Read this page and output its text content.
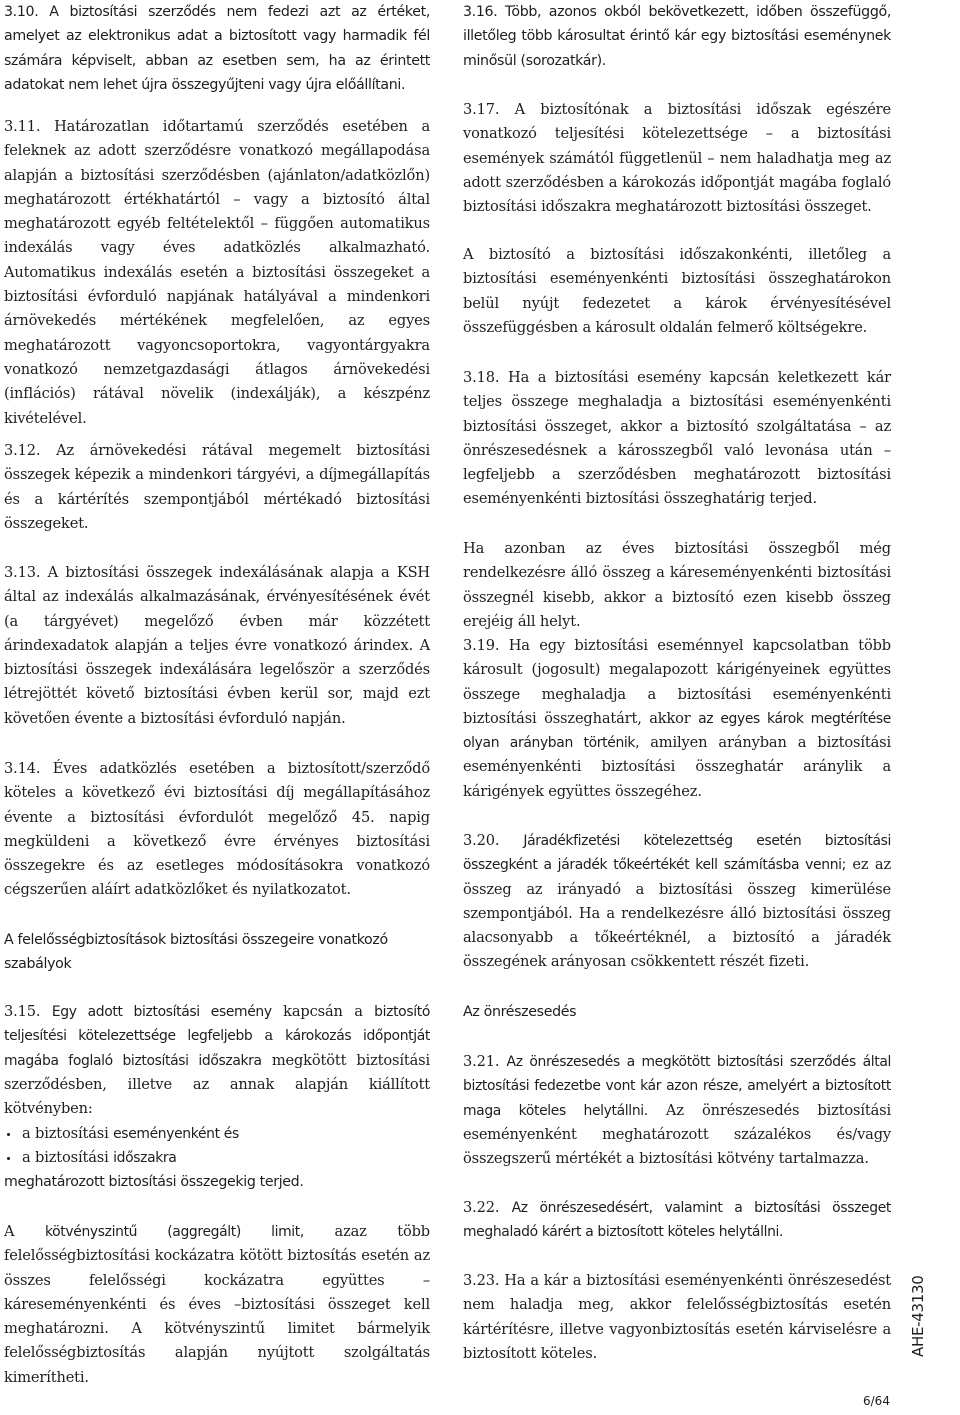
3.10. A biztosítási szerződés nem fedezi azt az értéket, amelyet az elektronikus adat a biztosított vagy harmadik fél számára képviselt, abban az esetben sem, ha az érintett adatokat nem lehet újra összegyűjteni vagy újra előállítani.

3.11. Határozatlan időtartamú szerződés esetében a feleknek az adott szerződésre vonatkozó megállapodása alapján a biztosítási szerződésben (ajánlaton/adatközlőn) meghatározott értékhatártól – vagy a biztosító által meghatározott egyéb feltételektől – függően automatikus indexálás vagy éves adatközlés alkalmazható. Automatikus indexálás esetén a biztosítási összegeket a biztosítási évforduló napjának hatályával a mindenkori árnövekedés mértékének megfelelően, az egyes meghatározott vagyoncsoportokra, vagyontárgyakra vonatkozó nemzetgazdasági átlagos árnövekedési (inflációs) rátával növelik (indexálják), a készpénz kivételével.

3.12. Az árnövekedési rátával megemelt biztosítási összegek képezik a mindenkori tárgyévi, a díjmegállapítás és a kártérítés szempontjából mértékadó biztosítási összegeket.

3.13. A biztosítási összegek indexálásának alapja a KSH által az indexálás alkalmazásának, érvényesítésének évét (a tárgyévet) megelőző évben már közzétett árindexadatok alapján a teljes évre vonatkozó árindex. A biztosítási összegek indexálására legelőször a szerződés létrejöttét követő biztosítási évben kerül sor, majd ezt követően évente a biztosítási évforduló napján.

3.14. Éves adatközlés esetében a biztosított/szerződő köteles a következő évi biztosítási díj megállapításához évente a biztosítási évfordulót megelőző 45. napig megküldeni a következő évre érvényes biztosítási összegekre és az esetleges módosításokra vonatkozó cégszerűen aláírt adatközlőket és nyilatkozatot.

A felelősségbiztosítások biztosítási összegeire vonatkozó szabályok

3.15. Egy adott biztosítási esemény kapcsán a biztosító teljesítési kötelezettsége legfeljebb a károkozás időpontját magába foglaló biztosítási időszakra megkötött biztosítási szerződésben, illetve az annak alapján kiállított kötvényben:

a biztosítási eseményenként és
a biztosítási időszakra

meghatározott biztosítási összegekig terjed.

A kötvényszintű (aggregált) limit, azaz több felelősségbiztosítási kockázatra kötött biztosítás esetén az összes felelősségi kockázatra együttes – káreseményenkénti és éves –biztosítási összeget kell meghatározni. A kötvényszintű limitet bármelyik felelősségbiztosítás alapján nyújtott szolgáltatás kimerítheti.

3.16. Több, azonos okból bekövetkezett, időben összefüggő, illetőleg több károsultat érintő kár egy biztosítási eseménynek minősül (sorozatkár).

3.17. A biztosítónak a biztosítási időszak egészére vonatkozó teljesítési kötelezettsége – a biztosítási események számától függetlenül – nem haladhatja meg az adott szerződésben a károkozás időpontját magába foglaló biztosítási időszakra meghatározott biztosítási összeget.

A biztosító a biztosítási időszakonkénti, illetőleg a biztosítási eseményenkénti biztosítási összeghatárokon belül nyújt fedezetet a károk érvényesítésével összefüggésben a károsult oldalán felmerő költségekre.

3.18. Ha a biztosítási esemény kapcsán keletkezett kár teljes összege meghaladja a biztosítási eseményenkénti biztosítási összeget, akkor a biztosító szolgáltatása – az önrészesedésnek a károsszegből való levonása után – legfeljebb a szerződésben meghatározott biztosítási eseményenkénti biztosítási összeghatárig terjed.

Ha azonban az éves biztosítási összegből még rendelkezésre álló összeg a káreseményenkénti biztosítási összegnél kisebb, akkor a biztosító ezen kisebb összeg erejéig áll helyt.

3.19. Ha egy biztosítási eseménnyel kapcsolatban több károsult (jogosult) megalapozott kárigényeinek együttes összege meghaladja a biztosítási eseményenkénti biztosítási összeghatárt, akkor az egyes károk megtérítése olyan arányban történik, amilyen arányban a biztosítási eseményenkénti biztosítási összeghatár aránylik a kárigények együttes összegéhez.

3.20. Járadékfizetési kötelezettség esetén biztosítási összegként a járadék tőkeértékét kell számításba venni; ez az összeg az irányadó a biztosítási összeg kimerülése szempontjából. Ha a rendelkezésre álló biztosítási összeg alacsonyabb a tőkeértéknél, a biztosító a járadék összegének arányosan csökkentett részét fizeti.

Az önrészesedés

3.21. Az önrészesedés a megkötött biztosítási szerződés által biztosítási fedezetbe vont kár azon része, amelyért a biztosított maga köteles helytállni. Az önrészesedés biztosítási eseményenként meghatározott százalékos és/vagy összegszerű mértékét a biztosítási kötvény tartalmazza.

3.22. Az önrészesedésért, valamint a biztosítási összeget meghaladó kárért a biztosított köteles helytállni.

3.23. Ha a kár a biztosítási eseményenkénti önrészesedést nem haladja meg, akkor felelősségbiztosítás esetén kártérítésre, illetve vagyonbiztosítás esetén kárviselésre a biztosított köteles.	AHE-43130
6/64
